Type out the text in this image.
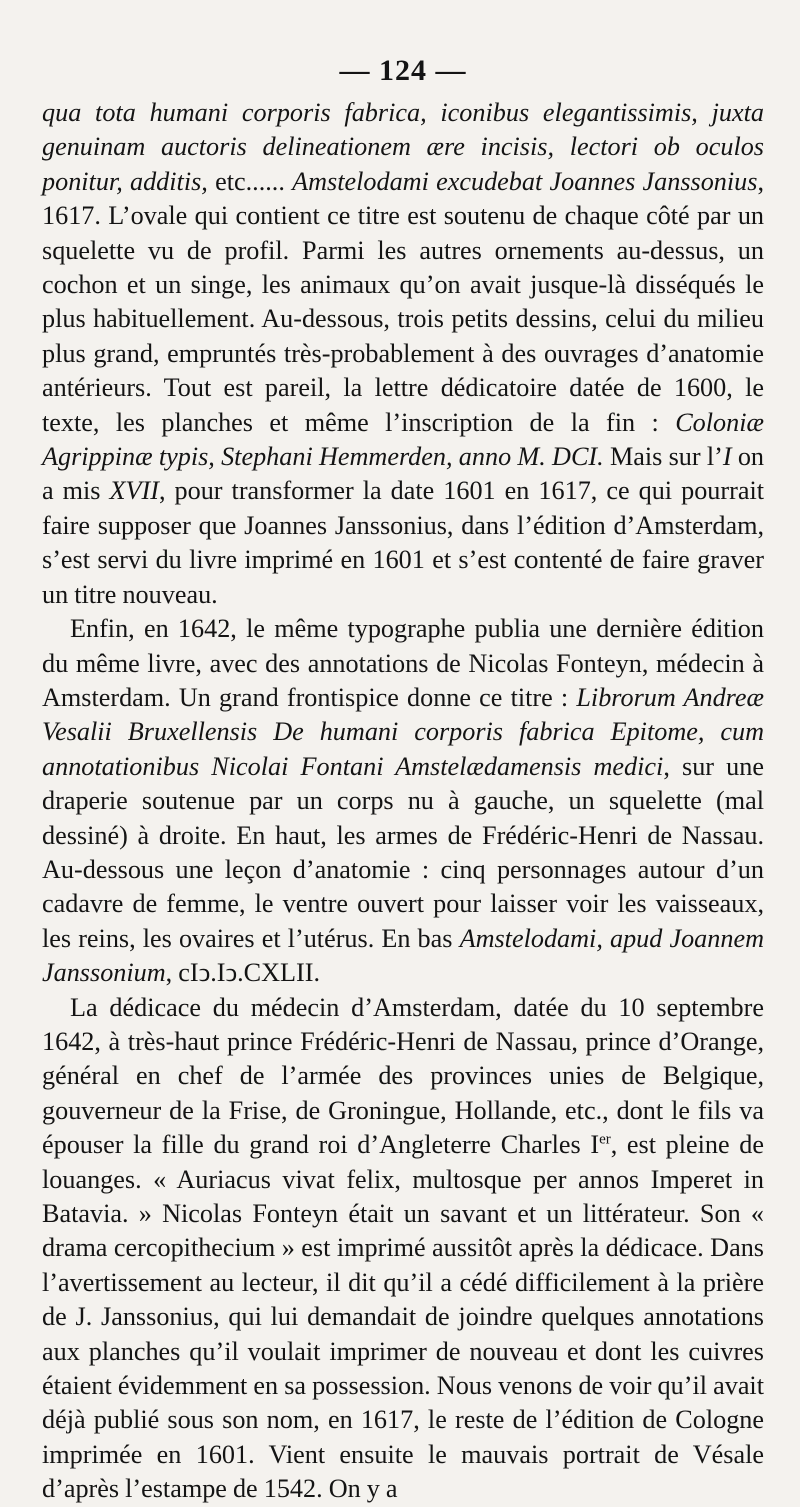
— 124 —

qua tota humani corporis fabrica, iconibus elegantissimis, juxta genuinam auctoris delineationem ære incisis, lectori ob oculos ponitur, additis, etc...... Amstelodami excudebat Joannes Janssonius, 1617. L’ovale qui contient ce titre est soutenu de chaque côté par un squelette vu de profil. Parmi les autres ornements au-dessus, un cochon et un singe, les animaux qu’on avait jusque-là disséqués le plus habituellement. Au-dessous, trois petits dessins, celui du milieu plus grand, empruntés très-probablement à des ouvrages d’anatomie antérieurs. Tout est pareil, la lettre dédicatoire datée de 1600, le texte, les planches et même l’inscription de la fin : Coloniæ Agrippinæ typis, Stephani Hemmerden, anno M. DCI. Mais sur l’I on a mis XVII, pour transformer la date 1601 en 1617, ce qui pourrait faire supposer que Joannes Janssonius, dans l’édition d’Amsterdam, s’est servi du livre imprimé en 1601 et s’est contenté de faire graver un titre nouveau.

Enfin, en 1642, le même typographe publia une dernière édition du même livre, avec des annotations de Nicolas Fonteyn, médecin à Amsterdam. Un grand frontispice donne ce titre : Librorum Andreæ Vesalii Bruxellensis De humani corporis fabrica Epitome, cum annotationibus Nicolai Fontani Amstelædamensis medici, sur une draperie soutenue par un corps nu à gauche, un squelette (mal dessiné) à droite. En haut, les armes de Frédéric-Henri de Nassau. Au-dessous une leçon d’anatomie : cinq personnages autour d’un cadavre de femme, le ventre ouvert pour laisser voir les vaisseaux, les reins, les ovaires et l’utérus. En bas Amstelodami, apud Joannem Janssonium, cIↄ.Iↄ.CXLII.

La dédicace du médecin d’Amsterdam, datée du 10 septembre 1642, à très-haut prince Frédéric-Henri de Nassau, prince d’Orange, général en chef de l’armée des provinces unies de Belgique, gouverneur de la Frise, de Groningue, Hollande, etc., dont le fils va épouser la fille du grand roi d’Angleterre Charles Ier, est pleine de louanges. « Auriacus vivat felix, multosque per annos Imperet in Batavia. » Nicolas Fonteyn était un savant et un littérateur. Son « drama cercopithecium » est imprimé aussitôt après la dédicace. Dans l’avertissement au lecteur, il dit qu’il a cédé difficilement à la prière de J. Janssonius, qui lui demandait de joindre quelques annotations aux planches qu’il voulait imprimer de nouveau et dont les cuivres étaient évidemment en sa possession. Nous venons de voir qu’il avait déjà publié sous son nom, en 1617, le reste de l’édition de Cologne imprimée en 1601. Vient ensuite le mauvais portrait de Vésale d’après l’estampe de 1542. On y a
